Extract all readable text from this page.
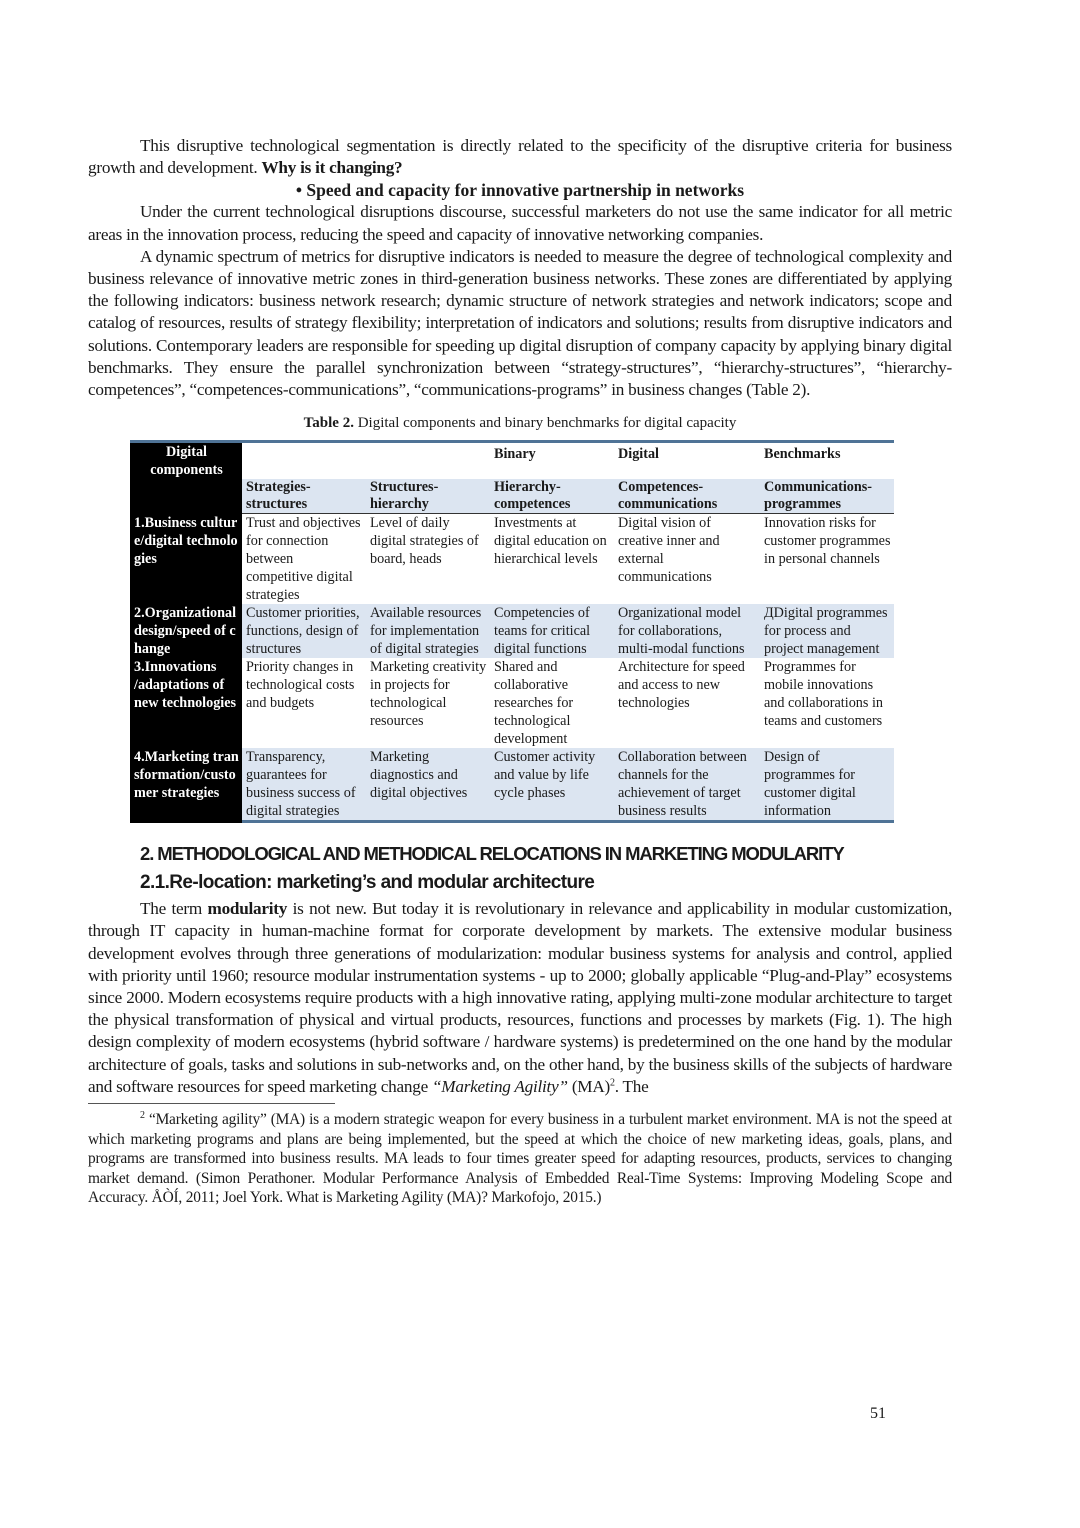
This disruptive technological segmentation is directly related to the specificity of the disruptive criteria for business growth and development. Why is it changing?

• Speed and capacity for innovative partnership in networks

Under the current technological disruptions discourse, successful marketers do not use the same indicator for all metric areas in the innovation process, reducing the speed and capacity of innovative networking companies.

A dynamic spectrum of metrics for disruptive indicators is needed to measure the degree of technological complexity and business relevance of innovative metric zones in third-generation business networks. These zones are differentiated by applying the following indicators: business network research; dynamic structure of network strategies and network indicators; scope and catalog of resources, results of strategy flexibility; interpretation of indicators and solutions; results from disruptive indicators and solutions. Contemporary leaders are responsible for speeding up digital disruption of company capacity by applying binary digital benchmarks. They ensure the parallel synchronization between “strategy-structures”, “hierarchy-structures”, “hierarchy-competences”, “competences-communications”, “communications-programs” in business changes (Table 2).

Table 2. Digital components and binary benchmarks for digital capacity
Digital components			Binary	Digital	Benchmarks
	Strategies-structures	Structures-hierarchy	Hierarchy-competences	Competences-communications	Communications-programmes
1.Business culture/digital technologies	Trust and objectives for connection between competitive digital strategies	Level of daily digital strategies of board, heads	Investments at digital education on hierarchical levels	Digital vision of creative inner and external communications	Innovation risks for customer programmes in personal channels
2.Organizational design/speed of change	Customer priorities, functions, design of structures	Available resources for implementation of digital strategies	Competencies of teams for critical digital functions	Organizational model for collaborations, multi-modal functions	ДDigital programmes for process and project management
3.Innovations /adaptations of new technologies	Priority changes in technological costs and budgets	Marketing creativity in projects for technological resources	Shared and collaborative researches for technological development	Architecture for speed and access to new technologies	Programmes for mobile innovations and collaborations in teams and customers
4.Marketing transformation/customer strategies	Transparency, guarantees for business success of digital strategies	Marketing diagnostics and digital objectives	Customer activity and value by life cycle phases	Collaboration between channels for the achievement of target business results	Design of programmes for customer digital information
2. METHODOLOGICAL AND METHODICAL RELOCATIONS IN MARKETING MODULARITY
2.1.Re-location: marketing’s and modular architecture

The term modularity is not new. But today it is revolutionary in relevance and applicability in modular customization, through IT capacity in human-machine format for corporate development by markets. The extensive modular business development evolves through three generations of modularization: modular business systems for analysis and control, applied with priority until 1960; resource modular instrumentation systems - up to 2000; globally applicable “Plug-and-Play” ecosystems since 2000. Modern ecosystems require products with a high innovative rating, applying multi-zone modular architecture to target the physical transformation of physical and virtual products, resources, functions and processes by markets (Fig. 1). The high design complexity of modern ecosystems (hybrid software / hardware systems) is predetermined on the one hand by the modular architecture of goals, tasks and solutions in sub-networks and, on the other hand, by the business skills of the subjects of hardware and software resources for speed marketing change “Marketing Agility” (MA)$^2$. The

$^2$ “Marketing agility” (MA) is a modern strategic weapon for every business in a turbulent market environment. MA is not the speed at which marketing programs and plans are being implemented, but the speed at which the choice of new marketing ideas, goals, plans, and programs are transformed into business results. MA leads to four times greater speed for adapting resources, products, services to changing market demand. (Simon Perathoner. Modular Performance Analysis of Embedded Real-Time Systems: Improving Modeling Scope and Accuracy. ÅÒÍ, 2011; Joel York. What is Marketing Agility (MA)? Markofojo, 2015.)

51
